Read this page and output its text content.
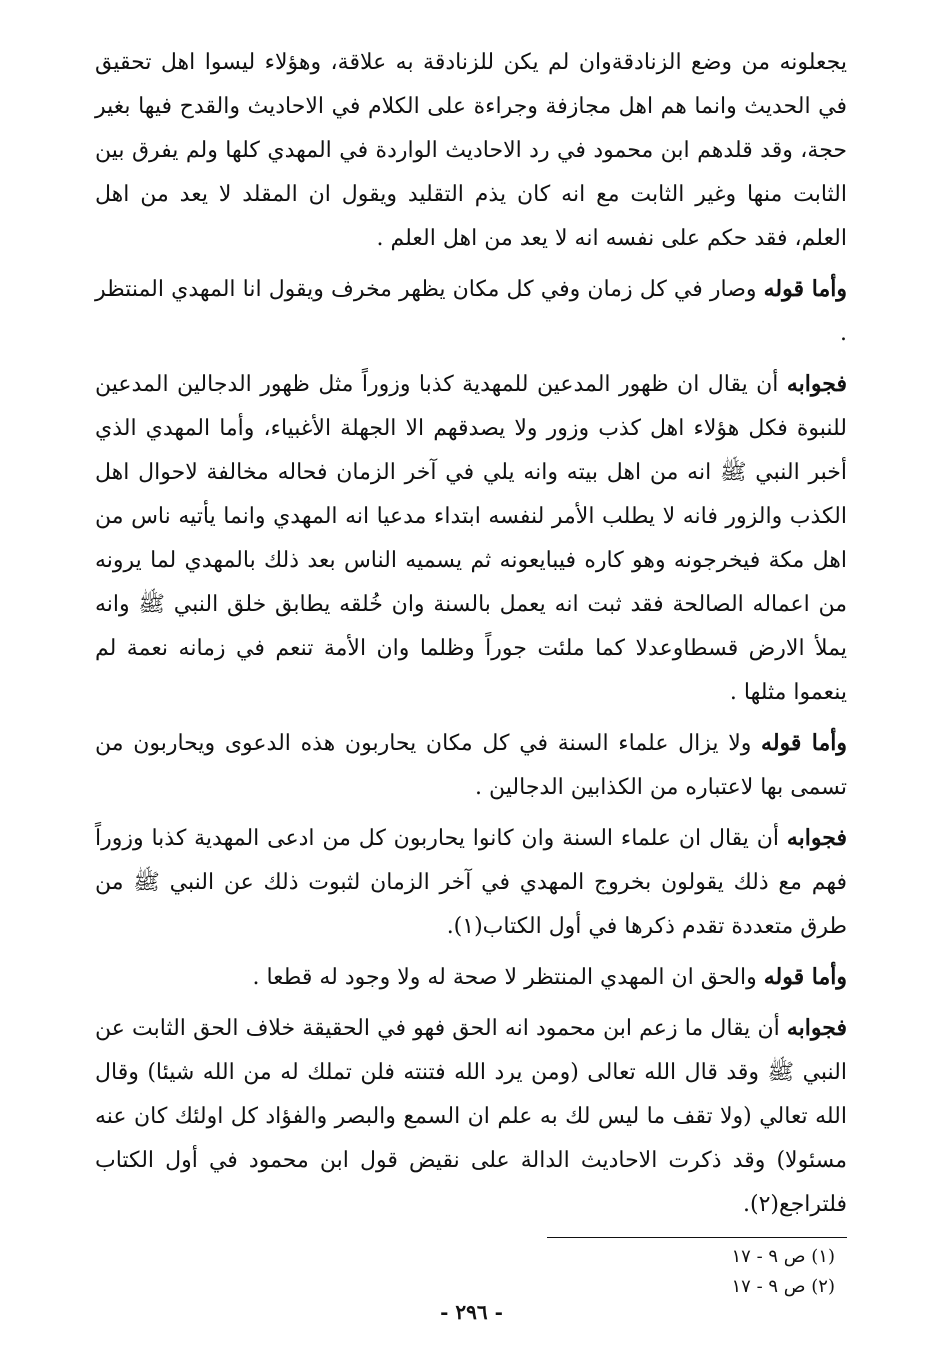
يجعلونه من وضع الزنادقةوان لم يكن للزنادقة به علاقة، وهؤلاء ليسوا اهل تحقيق في الحديث وانما هم اهل مجازفة وجراءة على الكلام في الاحاديث والقدح فيها بغير حجة، وقد قلدهم ابن محمود في رد الاحاديث الواردة في المهدي كلها ولم يفرق بين الثابت منها وغير الثابت مع انه كان يذم التقليد ويقول ان المقلد لا يعد من اهل العلم، فقد حكم على نفسه انه لا يعد من اهل العلم .

وأما قوله وصار في كل زمان وفي كل مكان يظهر مخرف ويقول انا المهدي المنتظر .

فجوابه أن يقال ان ظهور المدعين للمهدية كذبا وزوراً مثل ظهور الدجالين المدعين للنبوة فكل هؤلاء اهل كذب وزور ولا يصدقهم الا الجهلة الأغبياء، وأما المهدي الذي أخبر النبي ﷺ انه من اهل بيته وانه يلي في آخر الزمان فحاله مخالفة لاحوال اهل الكذب والزور فانه لا يطلب الأمر لنفسه ابتداء مدعيا انه المهدي وانما يأتيه ناس من اهل مكة فيخرجونه وهو كاره فيبايعونه ثم يسميه الناس بعد ذلك بالمهدي لما يرونه من اعماله الصالحة فقد ثبت انه يعمل بالسنة وان خُلقه يطابق خلق النبي ﷺ وانه يملأ الارض قسطاوعدلا كما ملئت جوراً وظلما وان الأمة تنعم في زمانه نعمة لم ينعموا مثلها .

وأما قوله ولا يزال علماء السنة في كل مكان يحاربون هذه الدعوى ويحاربون من تسمى بها لاعتباره من الكذابين الدجالين .

فجوابه أن يقال ان علماء السنة وان كانوا يحاربون كل من ادعى المهدية كذبا وزوراً فهم مع ذلك يقولون بخروج المهدي في آخر الزمان لثبوت ذلك عن النبي ﷺ من طرق متعددة تقدم ذكرها في أول الكتاب(١).

وأما قوله والحق ان المهدي المنتظر لا صحة له ولا وجود له قطعا .

فجوابه أن يقال ما زعم ابن محمود انه الحق فهو في الحقيقة خلاف الحق الثابت عن النبي ﷺ وقد قال الله تعالى (ومن يرد الله فتنته فلن تملك له من الله شيئا) وقال الله تعالي (ولا تقف ما ليس لك به علم ان السمع والبصر والفؤاد كل اولئك كان عنه مسئولا) وقد ذكرت الاحاديث الدالة على نقيض قول ابن محمود في أول الكتاب فلتراجع(٢).

(١) ص ٩ - ١٧

(٢) ص ٩ - ١٧

- ٢٩٦ -
